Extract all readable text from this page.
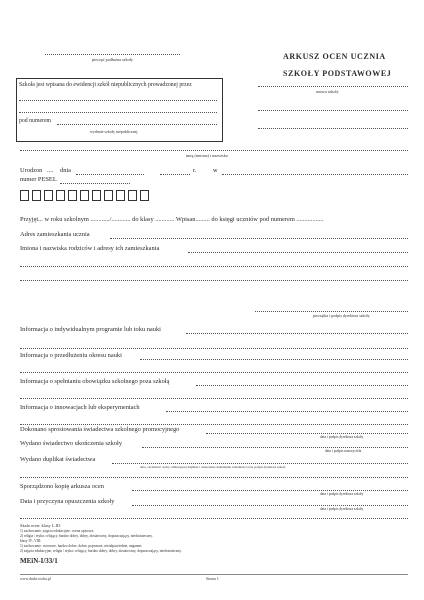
pieczęć podłużna szkoły	ARKUSZ OCEN UCZNIA
SZKOŁY PODSTAWOWEJ
nazwa szkoły
Szkoła jest wpisana do ewidencji szkół niepublicznych prowadzonej przez
pod numerem
wydanie szkoły niepublicznej
imię (imiona) i nazwisko
Urodzon .... dnia	r.	w
numer PESEL
Przyjęt... w roku szkolnym ............/............ do klasy ............ Wpisan......... do księgi uczniów pod numerem .................
Adres zamieszkania ucznia
Imiona i nazwiska rodziców i adresy ich zamieszkania
pieczątka i podpis dyrektora szkoły
Informacja o indywidualnym programie lub toku nauki
Informacja o przedłużeniu okresu nauki
Informacja o spełnianiu obowiązku szkolnego poza szkołą
Informacja o innowacjach lub eksperymentach
Dokonano sprostowania świadectwa szkolnego promocyjnego
data i podpis dyrektora szkoły
Wydano świadectwo ukończenia szkoły
data i podpis nauczyciela
Wydano duplikat świadectwa
data, czytelność osoby odbierającej duplikat i oznaczenie dokumentu tożsamości oraz podpis dyrektora szkoły
Sporządzono kopię arkusza ocen
data i podpis dyrektora szkoły
Data i przyczyna opuszczenia szkoły
data i podpis dyrektora szkoły
Skala ocen: klasy I–III:
1) zachowanie, zajęcia edukacyjne: ocena opisowa,
2) religia / etyka: celujący, bardzo dobry, dobry, dostateczny, dopuszczający, niedostateczny.
klasy IV–VIII:
1) zachowanie: wzorowe, bardzo dobre, dobre, poprawne, nieodpowiednie, naganne;
2) zajęcia edukacyjne, religia / etyka: celujący, bardzo dobry, dobry, dostateczny, dopuszczający, niedostateczny.
MEiN-I/33/1
www.druki-oscha.pl	Strona 1
